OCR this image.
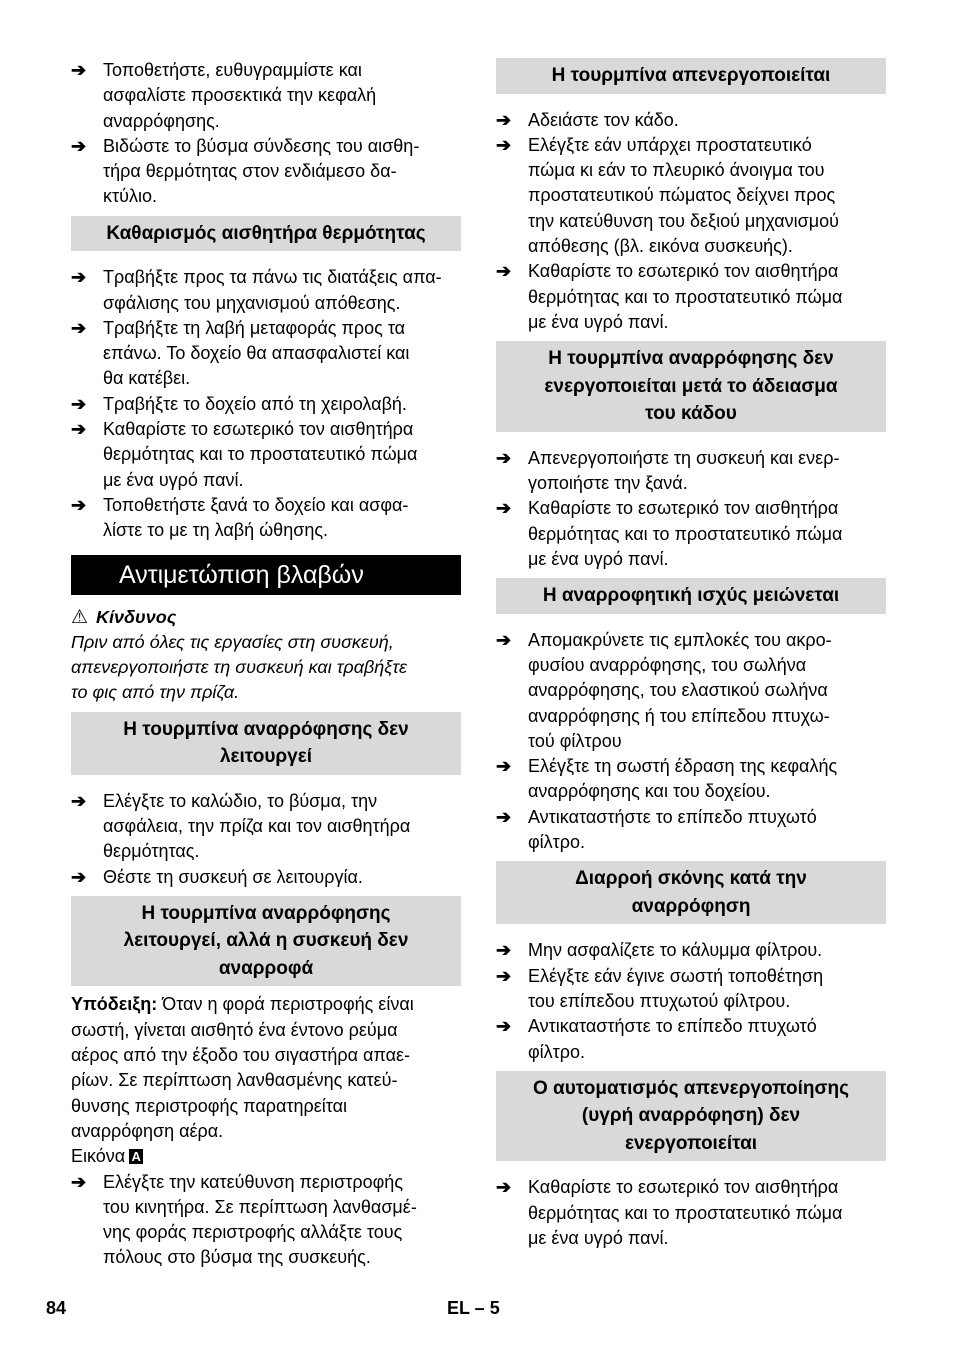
➔ Τοποθετήστε, ευθυγραμμίστε και
ασφαλίστε προσεκτικά την κεφαλή
αναρρόφησης.

➔ Βιδώστε το βύσμα σύνδεσης του αισθη-
τήρα θερμότητας στον ενδιάμεσο δα-
κτύλιο.

Καθαρισμός αισθητήρα θερμότητας

➔ Τραβήξτε προς τα πάνω τις διατάξεις απα-
σφάλισης του μηχανισμού απόθεσης.

➔ Τραβήξτε τη λαβή μεταφοράς προς τα
επάνω. Το δοχείο θα απασφαλιστεί και
θα κατέβει.

➔ Τραβήξτε το δοχείο από τη χειρολαβή.

➔ Καθαρίστε το εσωτερικό τον αισθητήρα
θερμότητας και το προστατευτικό πώμα
με ένα υγρό πανί.

➔ Τοποθετήστε ξανά το δοχείο και ασφα-
λίστε το με τη λαβή ώθησης.

Αντιμετώπιση βλαβών

⚠ Κίνδυνος

Πριν από όλες τις εργασίες στη συσκευή,
απενεργοποιήστε τη συσκευή και τραβήξτε
το φις από την πρίζα.

Η τουρμπίνα αναρρόφησης δεν
λειτουργεί

➔ Ελέγξτε το καλώδιο, το βύσμα, την
ασφάλεια, την πρίζα και τον αισθητήρα
θερμότητας.

➔ Θέστε τη συσκευή σε λειτουργία.

Η τουρμπίνα αναρρόφησης
λειτουργεί, αλλά η συσκευή δεν
αναρροφά

Υπόδειξη: Όταν η φορά περιστροφής είναι
σωστή, γίνεται αισθητό ένα έντονο ρεύμα
αέρος από την έξοδο του σιγαστήρα απαε-
ρίων. Σε περίπτωση λανθασμένης κατεύ-
θυνσης περιστροφής παρατηρείται
αναρρόφηση αέρα.

Εικόνα A

➔ Ελέγξτε την κατεύθυνση περιστροφής
του κινητήρα. Σε περίπτωση λανθασμέ-
νης φοράς περιστροφής αλλάξτε τους
πόλους στο βύσμα της συσκευής.

Η τουρμπίνα απενεργοποιείται

➔ Αδειάστε τον κάδο.

➔ Ελέγξτε εάν υπάρχει προστατευτικό
πώμα κι εάν το πλευρικό άνοιγμα του
προστατευτικού πώματος δείχνει προς
την κατεύθυνση του δεξιού μηχανισμού
απόθεσης (βλ. εικόνα συσκευής).

➔ Καθαρίστε το εσωτερικό τον αισθητήρα
θερμότητας και το προστατευτικό πώμα
με ένα υγρό πανί.

Η τουρμπίνα αναρρόφησης δεν
ενεργοποιείται μετά το άδειασμα
του κάδου

➔ Απενεργοποιήστε τη συσκευή και ενερ-
γοποιήστε την ξανά.

➔ Καθαρίστε το εσωτερικό τον αισθητήρα
θερμότητας και το προστατευτικό πώμα
με ένα υγρό πανί.

Η αναρροφητική ισχύς μειώνεται

➔ Απομακρύνετε τις εμπλοκές του ακρο-
φυσίου αναρρόφησης, του σωλήνα
αναρρόφησης, του ελαστικού σωλήνα
αναρρόφησης ή του επίπεδου πτυχω-
τού φίλτρου

➔ Ελέγξτε τη σωστή έδραση της κεφαλής
αναρρόφησης και του δοχείου.

➔ Αντικαταστήστε το επίπεδο πτυχωτό
φίλτρο.

Διαρροή σκόνης κατά την
αναρρόφηση

➔ Μην ασφαλίζετε το κάλυμμα φίλτρου.

➔ Ελέγξτε εάν έγινε σωστή τοποθέτηση
του επίπεδου πτυχωτού φίλτρου.

➔ Αντικαταστήστε το επίπεδο πτυχωτό
φίλτρο.

Ο αυτοματισμός απενεργοποίησης
(υγρή αναρρόφηση) δεν
ενεργοποιείται

➔ Καθαρίστε το εσωτερικό τον αισθητήρα
θερμότητας και το προστατευτικό πώμα
με ένα υγρό πανί.

84	EL – 5
